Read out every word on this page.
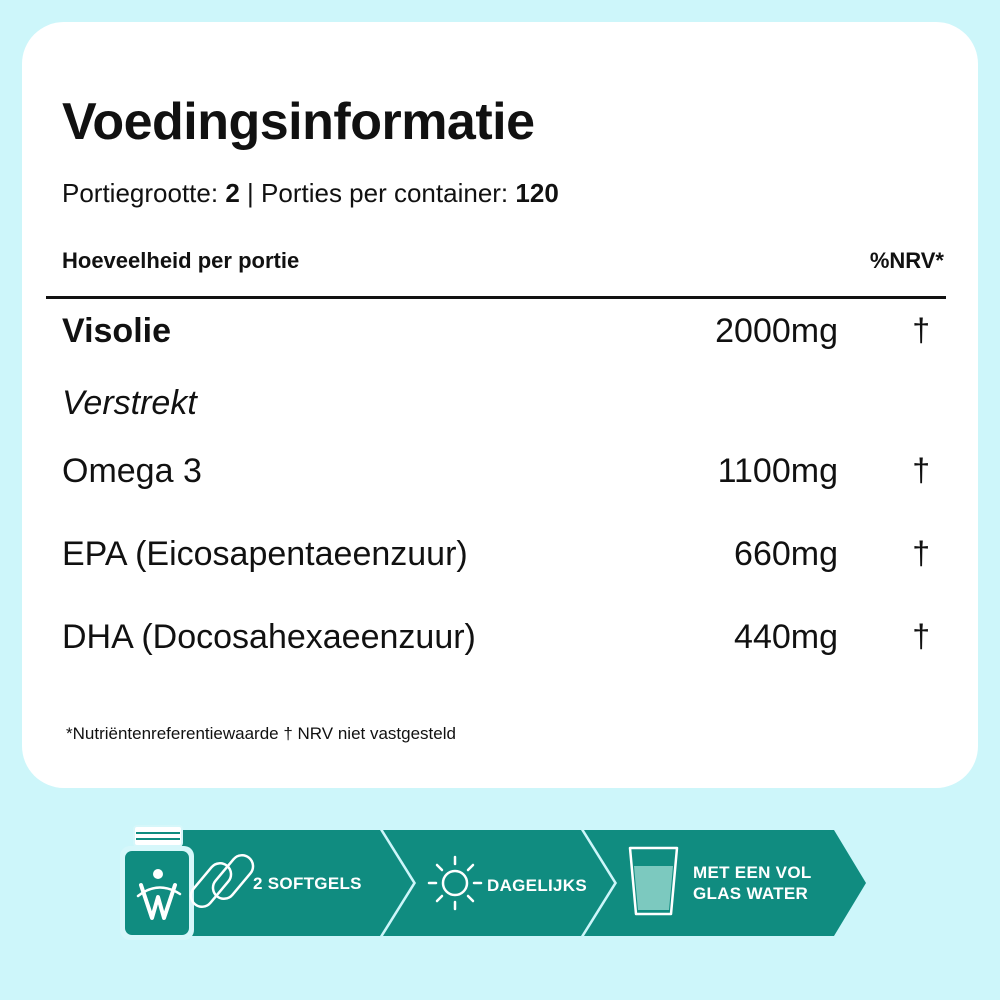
Voedingsinformatie
Portiegrootte: 2 | Porties per container: 120
Hoeveelheid per portie	%NRV*
Visolie	2000mg †
Verstrekt
Omega 3	1100mg †
EPA (Eicosapentaeenzuur)	660mg †
DHA (Docosahexaeenzuur)	440mg †
*Nutriëntenreferentiewaarde † NRV niet vastgesteld
2 SOFTGELS	DAGELIJKS
MET EEN VOL
GLAS WATER
